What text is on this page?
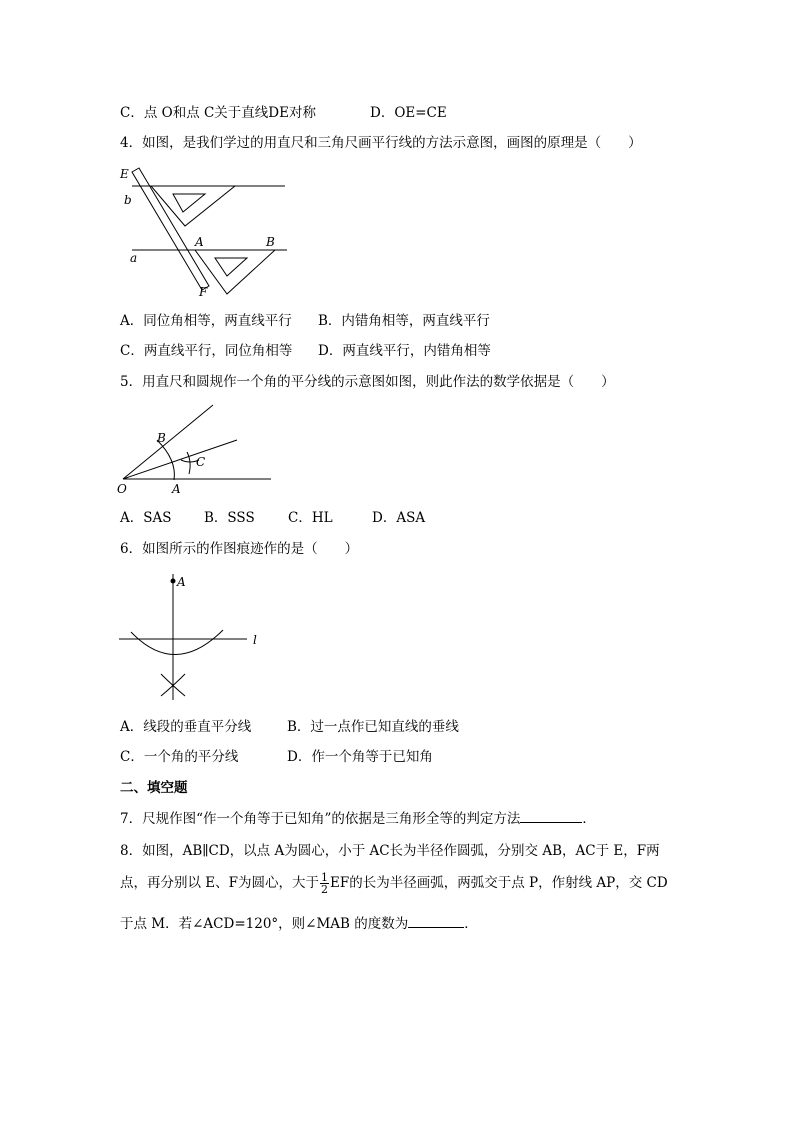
C．点 O和点 C关于直线DE对称	D．OE=CE
4．如图，是我们学过的用直尺和三角尺画平行线的方法示意图，画图的原理是（　　）
E
b
A	B
a
F
A．同位角相等，两直线平行 B．内错角相等，两直线平行
C．两直线平行，同位角相等 D．两直线平行，内错角相等
5．用直尺和圆规作一个角的平分线的示意图如图，则此作法的数学依据是（　　）
B
C
O	A
A．SAS B．SSS C．HL	D．ASA
6．如图所示的作图痕迹作的是（　　）
A
l
A．线段的垂直平分线	B．过一点作已知直线的垂线
C．一个角的平分线	D．作一个角等于已知角
二、填空题
7．尺规作图“作一个角等于已知角”的依据是三角形全等的判定方法	．
8．如图，AB∥CD，以点 A为圆心，小于 AC长为半径作圆弧，分别交 AB，AC于 E，F两
点，再分别以 E、F为圆心，大于 $\frac{1}{2}$ EF的长为半径画弧，两弧交于点 P，作射线 AP，交 CD
于点 M．若∠ACD=120°，则∠MAB 的度数为	．
